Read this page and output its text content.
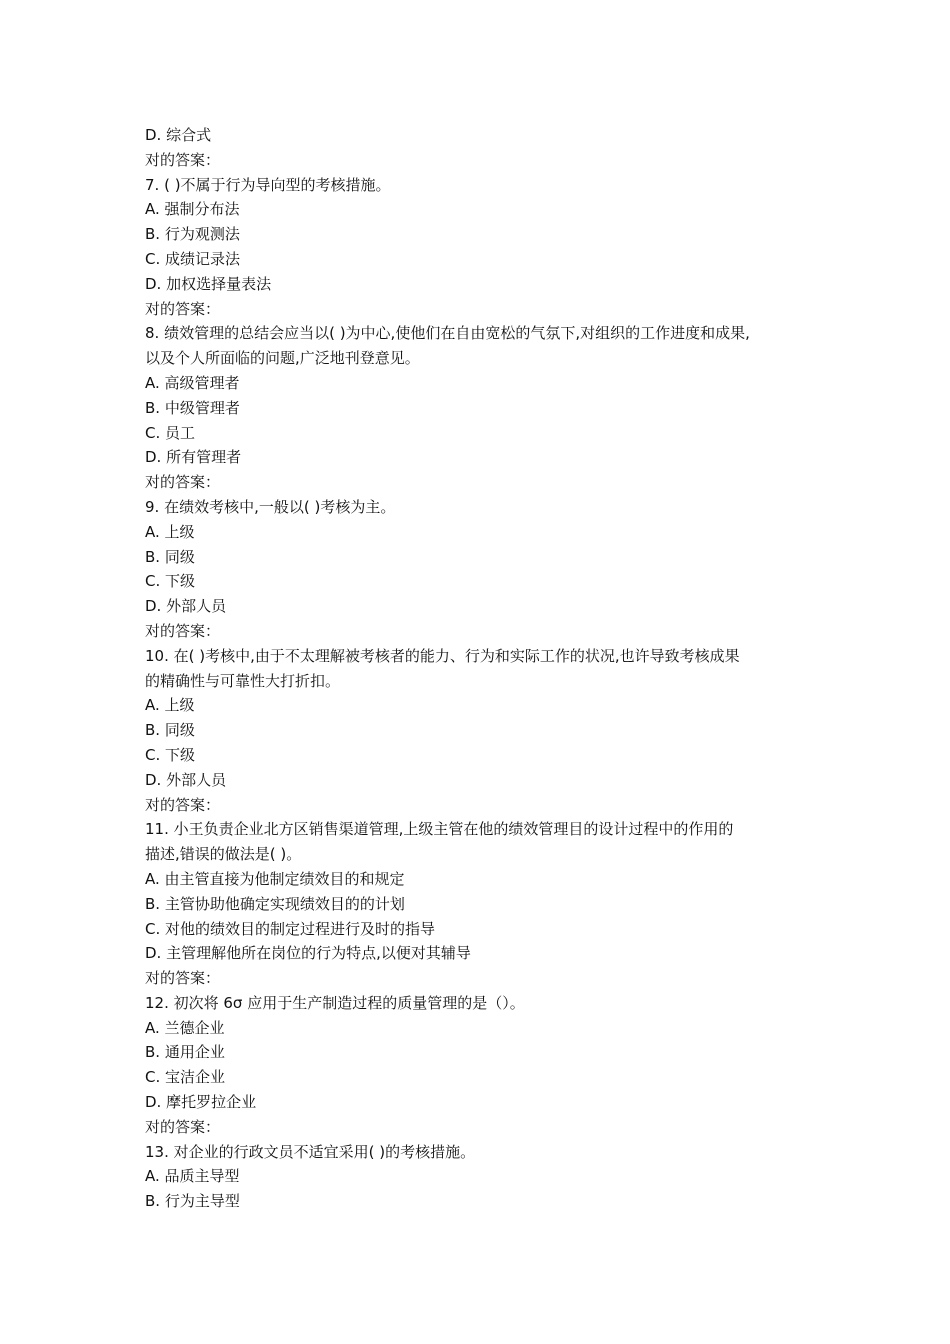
D. 综合式
对的答案：
7. ( )不属于行为导向型的考核措施。
A. 强制分布法
B. 行为观测法
C. 成绩记录法
D. 加权选择量表法
对的答案：
8. 绩效管理的总结会应当以( )为中心,使他们在自由宽松的气氛下,对组织的工作进度和成果,
以及个人所面临的问题,广泛地刊登意见。
A. 高级管理者
B. 中级管理者
C. 员工
D. 所有管理者
对的答案：
9. 在绩效考核中,一般以( )考核为主。
A. 上级
B. 同级
C. 下级
D. 外部人员
对的答案：
10. 在( )考核中,由于不太理解被考核者的能力、行为和实际工作的状况,也许导致考核成果
的精确性与可靠性大打折扣。
A. 上级
B. 同级
C. 下级
D. 外部人员
对的答案：
11. 小王负责企业北方区销售渠道管理,上级主管在他的绩效管理目的设计过程中的作用的
描述,错误的做法是( )。
A. 由主管直接为他制定绩效目的和规定
B. 主管协助他确定实现绩效目的的计划
C. 对他的绩效目的制定过程进行及时的指导
D. 主管理解他所在岗位的行为特点,以便对其辅导
对的答案：
12. 初次将 6σ 应用于生产制造过程的质量管理的是（）。
A. 兰德企业
B. 通用企业
C. 宝洁企业
D. 摩托罗拉企业
对的答案：
13. 对企业的行政文员不适宜采用( )的考核措施。
A. 品质主导型
B. 行为主导型
